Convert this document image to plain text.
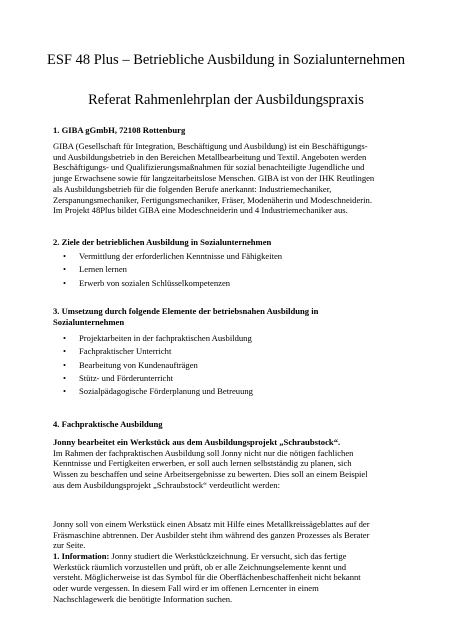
ESF 48 Plus – Betriebliche Ausbildung in Sozialunternehmen
Referat Rahmenlehrplan der Ausbildungspraxis
1. GIBA gGmbH, 72108 Rottenburg
GIBA (Gesellschaft für Integration, Beschäftigung und Ausbildung) ist ein Beschäftigungs-
und Ausbildungsbetrieb in den Bereichen Metallbearbeitung und Textil. Angeboten werden
Beschäftigungs- und Qualifizierungsmaßnahmen für sozial benachteiligte Jugendliche und
junge Erwachsene sowie für langzeitarbeitslose Menschen. GIBA ist von der IHK Reutlingen
als Ausbildungsbetrieb für die folgenden Berufe anerkannt: Industriemechaniker,
Zerspanungsmechaniker, Fertigungsmechaniker, Fräser, Modenäherin und Modeschneiderin.
Im Projekt 48Plus bildet GIBA eine Modeschneiderin und 4 Industriemechaniker aus.
2. Ziele der betrieblichen Ausbildung in Sozialunternehmen
• Vermittlung der erforderlichen Kenntnisse und Fähigkeiten
• Lernen lernen
• Erwerb von sozialen Schlüsselkompetenzen
3. Umsetzung durch folgende Elemente der betriebsnahen Ausbildung in
Sozialunternehmen
• Projektarbeiten in der fachpraktischen Ausbildung
• Fachpraktischer Unterricht
• Bearbeitung von Kundenaufträgen
• Stütz- und Förderunterricht
• Sozialpädagogische Förderplanung und Betreuung
4. Fachpraktische Ausbildung
Jonny bearbeitet ein Werkstück aus dem Ausbildungsprojekt „Schraubstock“.
Im Rahmen der fachpraktischen Ausbildung soll Jonny nicht nur die nötigen fachlichen
Kenntnisse und Fertigkeiten erwerben, er soll auch lernen selbstständig zu planen, sich
Wissen zu beschaffen und seine Arbeitsergebnisse zu bewerten. Dies soll an einem Beispiel
aus dem Ausbildungsprojekt „Schraubstock“ verdeutlicht werden:
Jonny soll von einem Werkstück einen Absatz mit Hilfe eines Metallkreissägeblattes auf der
Fräsmaschine abtrennen. Der Ausbilder steht ihm während des ganzen Prozesses als Berater
zur Seite.
1. Information: Jonny studiert die Werkstückzeichnung. Er versucht, sich das fertige
Werkstück räumlich vorzustellen und prüft, ob er alle Zeichnungselemente kennt und
versteht. Möglicherweise ist das Symbol für die Oberflächenbeschaffenheit nicht bekannt
oder wurde vergessen. In diesem Fall wird er im offenen Lerncenter in einem
Nachschlagewerk die benötigte Information suchen.
